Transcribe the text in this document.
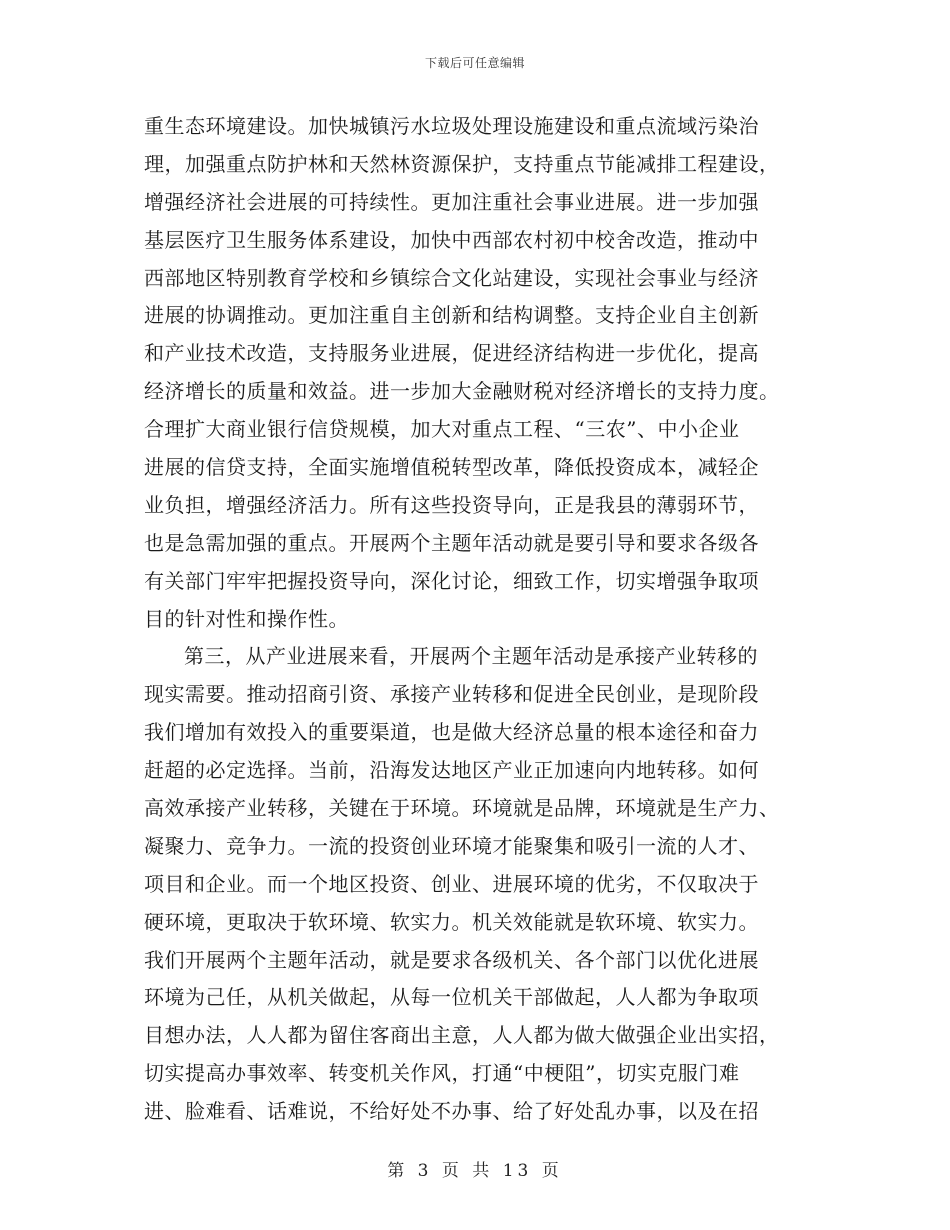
下载后可任意编辑
重生态环境建设。加快城镇污水垃圾处理设施建设和重点流域污染治
理，加强重点防护林和天然林资源保护，支持重点节能减排工程建设，
增强经济社会进展的可持续性。更加注重社会事业进展。进一步加强
基层医疗卫生服务体系建设，加快中西部农村初中校舍改造，推动中
西部地区特别教育学校和乡镇综合文化站建设，实现社会事业与经济
进展的协调推动。更加注重自主创新和结构调整。支持企业自主创新
和产业技术改造，支持服务业进展，促进经济结构进一步优化，提高
经济增长的质量和效益。进一步加大金融财税对经济增长的支持力度。
合理扩大商业银行信贷规模，加大对重点工程、“三农”、中小企业
进展的信贷支持，全面实施增值税转型改革，降低投资成本，减轻企
业负担，增强经济活力。所有这些投资导向，正是我县的薄弱环节，
也是急需加强的重点。开展两个主题年活动就是要引导和要求各级各
有关部门牢牢把握投资导向，深化讨论，细致工作，切实增强争取项
目的针对性和操作性。
第三，从产业进展来看，开展两个主题年活动是承接产业转移的
现实需要。推动招商引资、承接产业转移和促进全民创业，是现阶段
我们增加有效投入的重要渠道，也是做大经济总量的根本途径和奋力
赶超的必定选择。当前，沿海发达地区产业正加速向内地转移。如何
高效承接产业转移，关键在于环境。环境就是品牌，环境就是生产力、
凝聚力、竞争力。一流的投资创业环境才能聚集和吸引一流的人才、
项目和企业。而一个地区投资、创业、进展环境的优劣，不仅取决于
硬环境，更取决于软环境、软实力。机关效能就是软环境、软实力。
我们开展两个主题年活动，就是要求各级机关、各个部门以优化进展
环境为己任，从机关做起，从每一位机关干部做起，人人都为争取项
目想办法，人人都为留住客商出主意，人人都为做大做强企业出实招，
切实提高办事效率、转变机关作风，打通“中梗阻”，切实克服门难
进、脸难看、话难说，不给好处不办事、给了好处乱办事，以及在招
第 3 页 共 13 页
